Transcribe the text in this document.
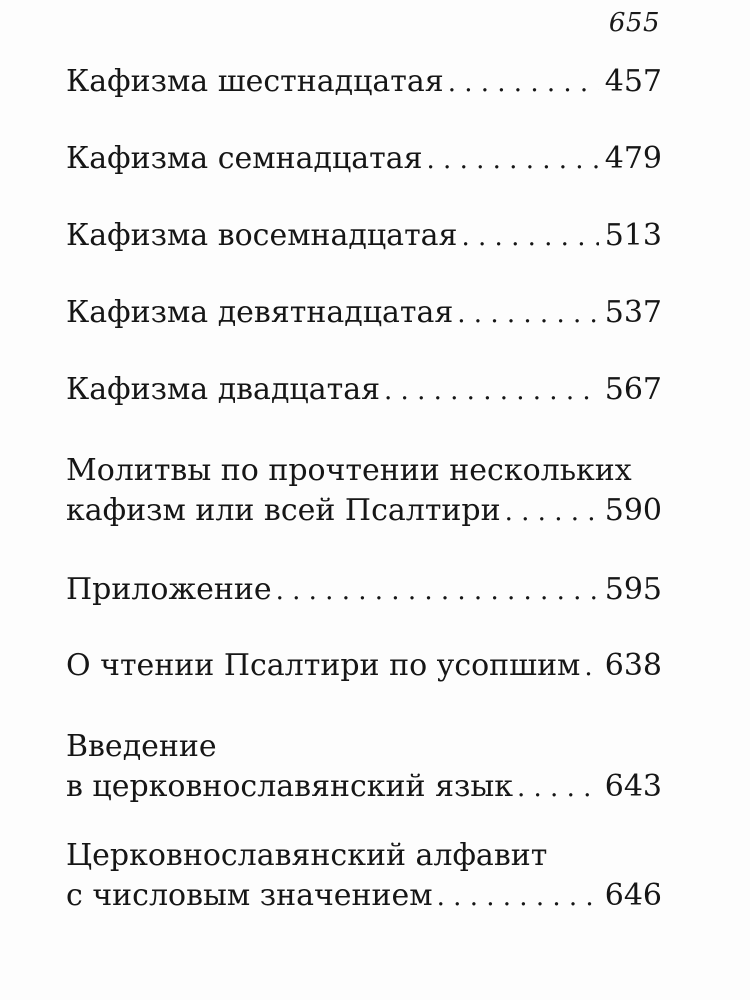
655
Кафизма шестнадцатая . . .	457
Кафизма семнадцатая . . .	479
Кафизма восемнадцатая . . .	513
Кафизма девятнадцатая . . .	537
Кафизма двадцатая . . .	567
Молитвы по прочтении нескольких
кафизм или всей Псалтири . . .	590
Приложение . . .	595
О чтении Псалтири по усопшим . . . 638
Введение
в церковнославянский язык . . .	643
Церковнославянский алфавит
с числовым значением . . .	646
